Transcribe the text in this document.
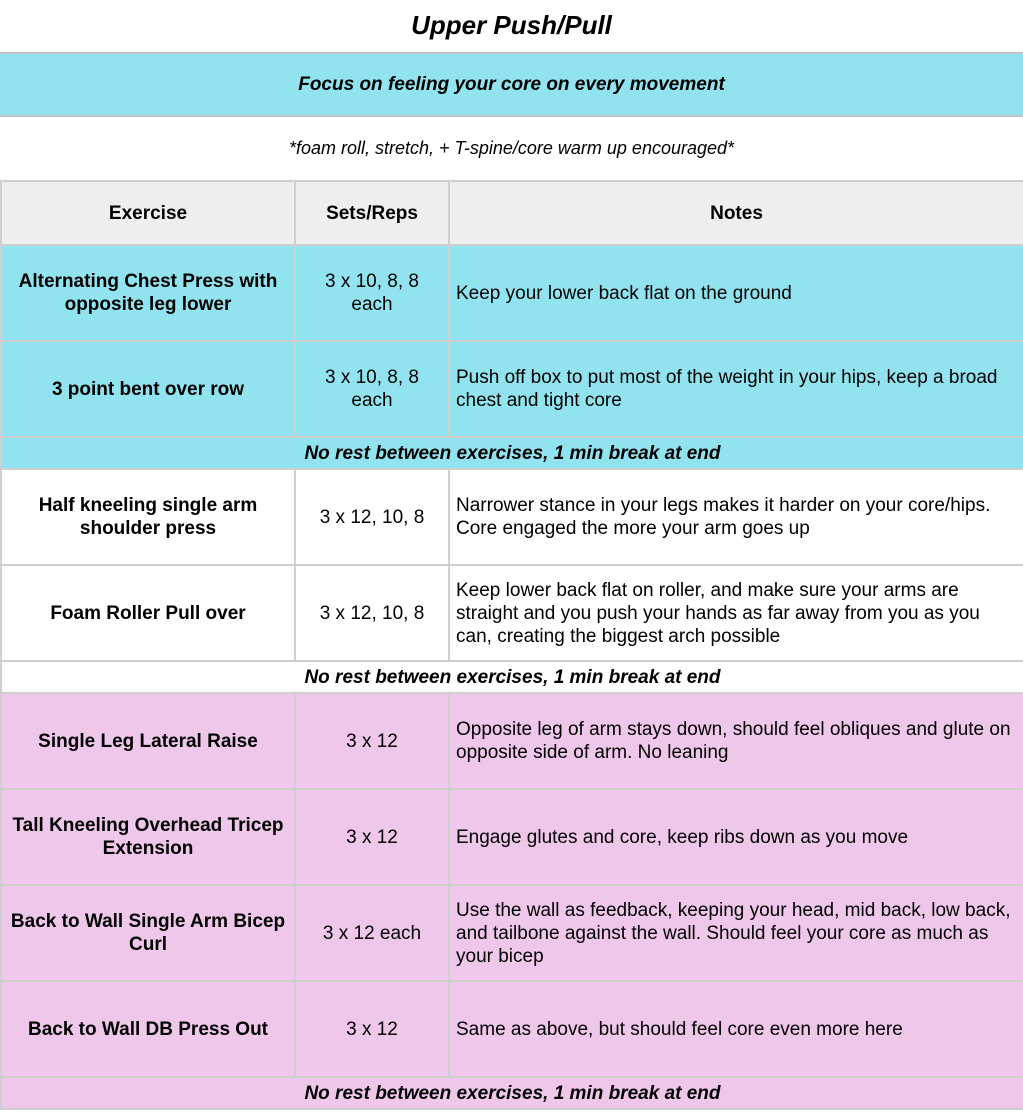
Upper Push/Pull
Focus on feeling your core on every movement
*foam roll, stretch, + T-spine/core warm up encouraged*
Exercise	Sets/Reps	Notes
Alternating Chest Press with opposite leg lower	3 x 10, 8, 8 each	Keep your lower back flat on the ground
3 point bent over row	3 x 10, 8, 8 each	Push off box to put most of the weight in your hips, keep a broad chest and tight core
No rest between exercises, 1 min break at end		
Half kneeling single arm shoulder press	3 x 12, 10, 8	Narrower stance in your legs makes it harder on your core/hips. Core engaged the more your arm goes up
Foam Roller Pull over	3 x 12, 10, 8	Keep lower back flat on roller, and make sure your arms are straight and you push your hands as far away from you as you can, creating the biggest arch possible
No rest between exercises, 1 min break at end		
Single Leg Lateral Raise	3 x 12	Opposite leg of arm stays down, should feel obliques and glute on opposite side of arm. No leaning
Tall Kneeling Overhead Tricep Extension	3 x 12	Engage glutes and core, keep ribs down as you move
Back to Wall Single Arm Bicep Curl	3 x 12 each	Use the wall as feedback, keeping your head, mid back, low back, and tailbone against the wall. Should feel your core as much as your bicep
Back to Wall DB Press Out	3 x 12	Same as above, but should feel core even more here
No rest between exercises, 1 min break at end		
